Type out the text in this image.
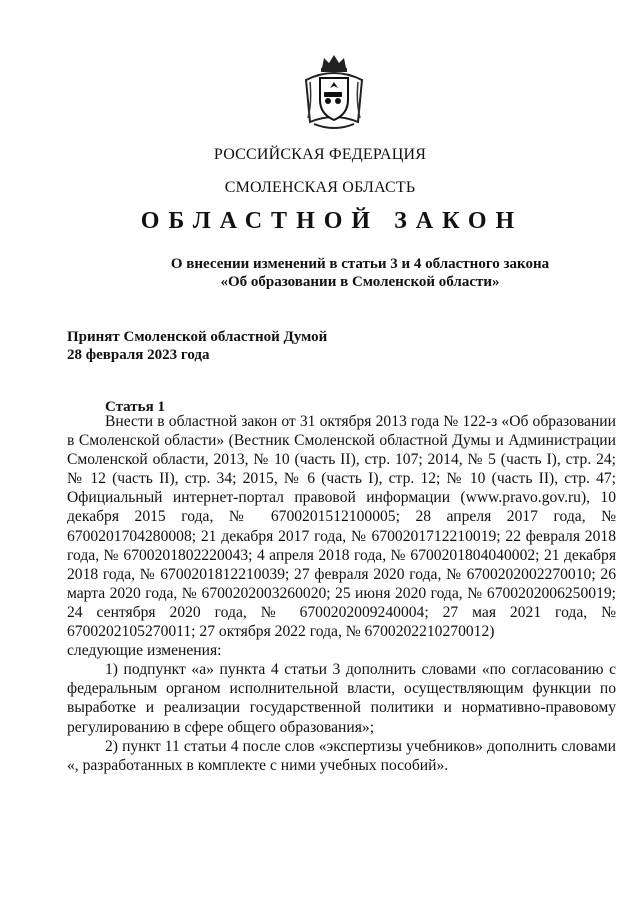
РОССИЙСКАЯ ФЕДЕРАЦИЯ
СМОЛЕНСКАЯ ОБЛАСТЬ
ОБЛАСТНОЙ ЗАКОН
О внесении изменений в статьи 3 и 4 областного закона
«Об образовании в Смоленской области»
Принят Смоленской областной Думой
28 февраля 2023 года
Статья 1

Внести в областной закон от 31 октября 2013 года № 122-з «Об образовании в Смоленской области» (Вестник Смоленской областной Думы и Администрации Смоленской области, 2013, № 10 (часть II), стр. 107; 2014, № 5 (часть I), стр. 24; № 12 (часть II), стр. 34; 2015, № 6 (часть I), стр. 12; № 10 (часть II), стр. 47; Официальный интернет-портал правовой информации (www.pravo.gov.ru), 10 декабря 2015 года, № 6700201512100005; 28 апреля 2017 года, № 6700201704280008; 21 декабря 2017 года, № 6700201712210019; 22 февраля 2018 года, № 6700201802220043; 4 апреля 2018 года, № 6700201804040002; 21 декабря 2018 года, № 6700201812210039; 27 февраля 2020 года, № 6700202002270010; 26 марта 2020 года, № 6700202003260020; 25 июня 2020 года, № 6700202006250019; 24 сентября 2020 года, № 6700202009240004; 27 мая 2021 года, № 6700202105270011; 27 октября 2022 года, № 6700202210270012)

следующие изменения:

1) подпункт «а» пункта 4 статьи 3 дополнить словами «по согласованию с федеральным органом исполнительной власти, осуществляющим функции по выработке и реализации государственной политики и нормативно-правовому регулированию в сфере общего образования»;

2) пункт 11 статьи 4 после слов «экспертизы учебников» дополнить словами «, разработанных в комплекте с ними учебных пособий».
